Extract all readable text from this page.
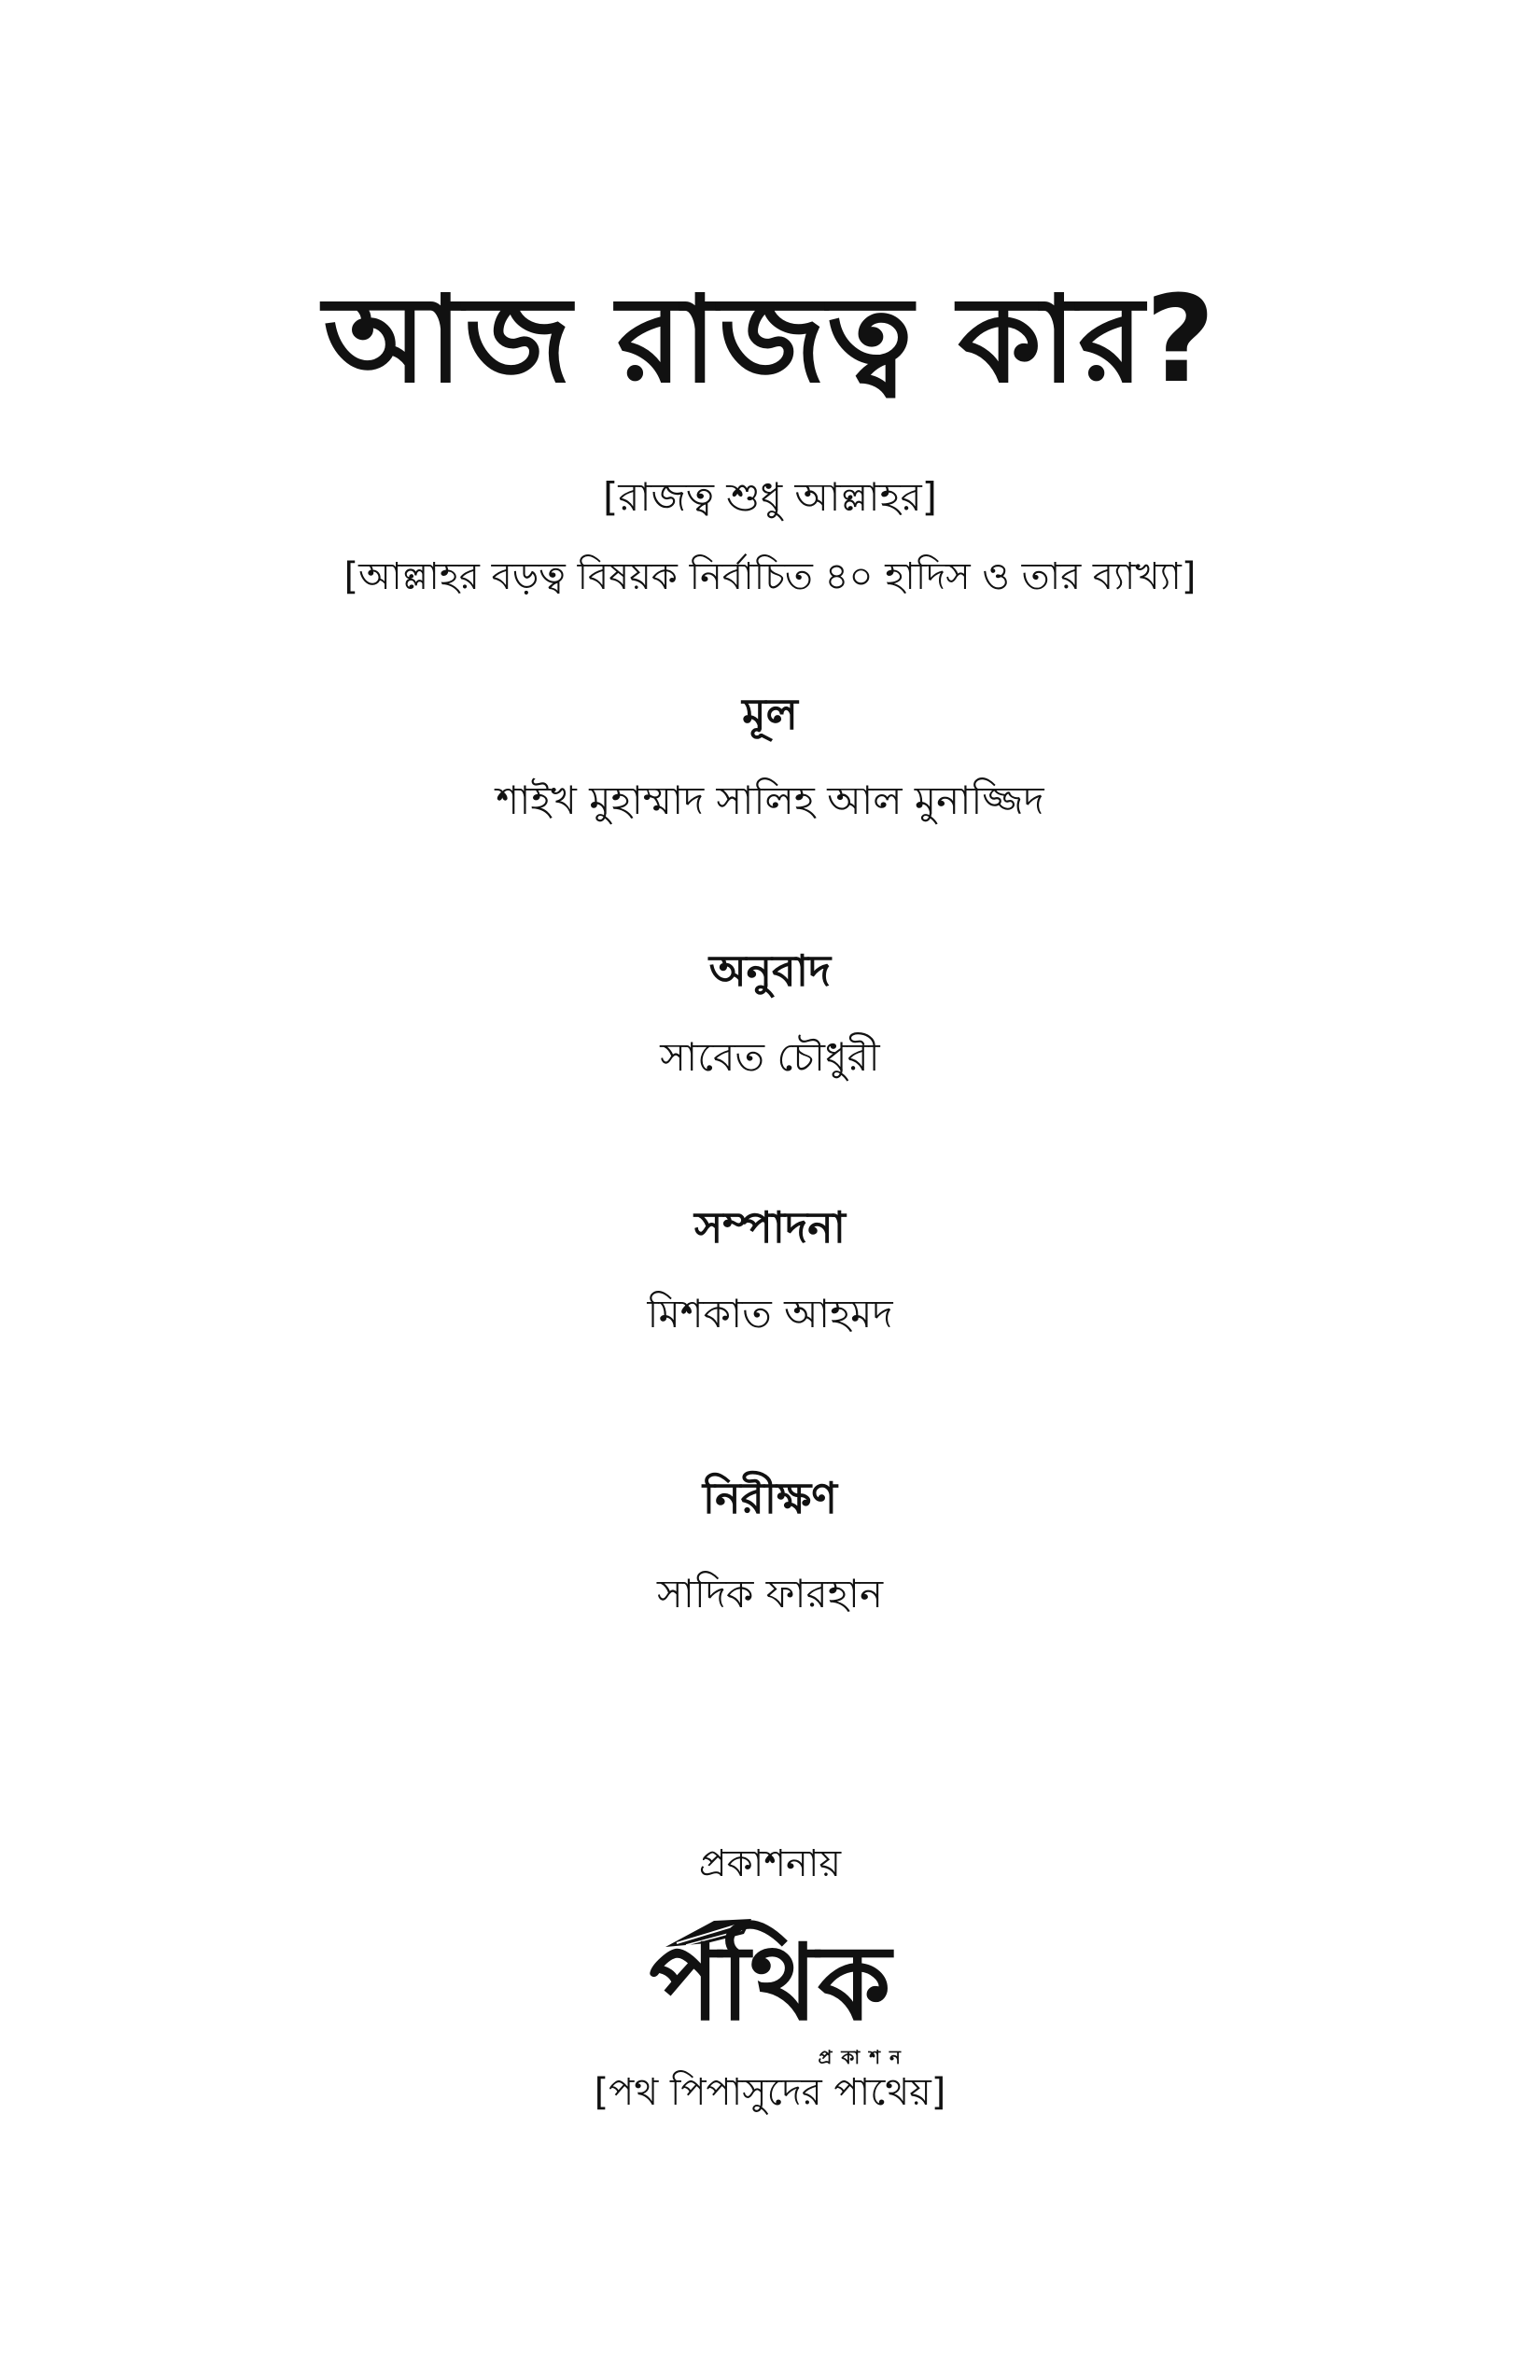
আজ রাজত্ব কার?
[রাজত্ব শুধু আল্লাহর]
[আল্লাহর বড়ত্ব বিষয়ক নির্বাচিত ৪০ হাদিস ও তার ব্যাখ্যা]
মূল
শাইখ মুহাম্মাদ সালিহ আল মুনাজ্জিদ
অনুবাদ
সাবেত চৌধুরী
সম্পাদনা
মিশকাত আহমদ
নিরীক্ষণ
সাদিক ফারহান
প্রকাশনায়
পথিক
প্রকাশন
[পথ পিপাসুদের পাথেয়]
